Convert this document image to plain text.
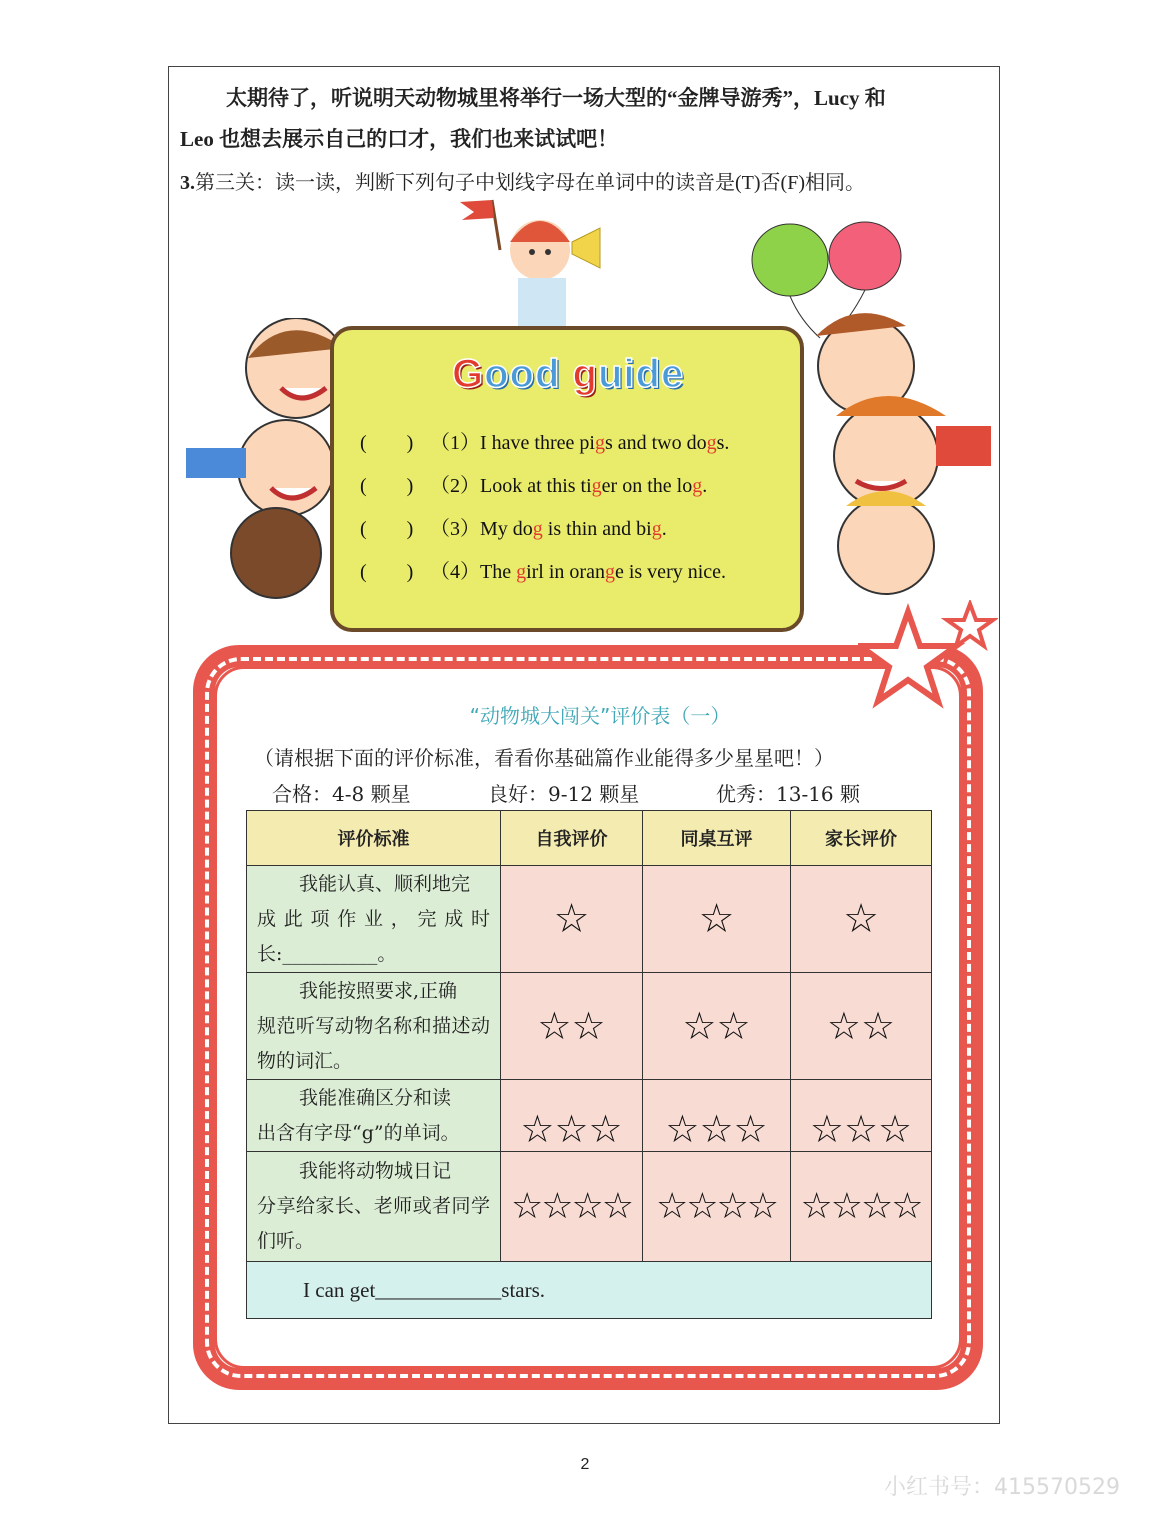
太期待了，听说明天动物城里将举行一场大型的“金牌导游秀”，Lucy 和

Leo 也想去展示自己的口才，我们也来试试吧！

3.第三关：读一读，判断下列句子中划线字母在单词中的读音是(T)否(F)相同。
Good guide
(　　) （1）I have three pigs and two dogs.
(　　) （2）Look at this tiger on the log.
(　　) （3）My dog is thin and big.
(　　) （4）The girl in orange is very nice.
“动物城大闯关”评价表（一）
（请根据下面的评价标准，看看你基础篇作业能得多少星星吧！）
合格：4-8 颗星	良好：9-12 颗星	优秀：13-16 颗
评价标准	自我评价	同桌互评	家长评价

我能认真、顺利地完
成此项作业，完成时长:__________。	☆	☆	☆

我能按照要求,正确
规范听写动物名称和描述动物的词汇。	☆☆	☆☆	☆☆

我能准确区分和读
出含有字母“g”的单词。	☆☆☆	☆☆☆	☆☆☆

我能将动物城日记
分享给家长、老师或者同学们听。	☆☆☆☆	☆☆☆☆	☆☆☆☆
I can get____________stars.			
2
小红书号：415570529
